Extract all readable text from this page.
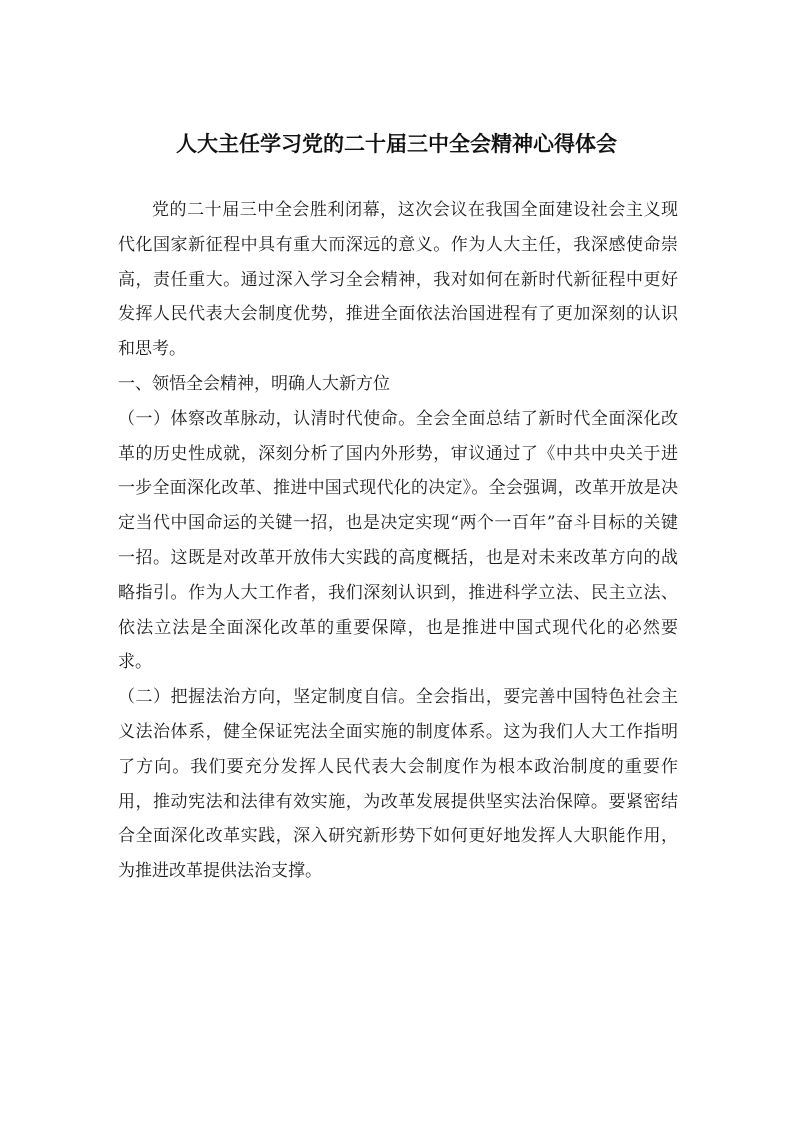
人大主任学习党的二十届三中全会精神心得体会

党的二十届三中全会胜利闭幕，这次会议在我国全面建设社会主义现代化国家新征程中具有重大而深远的意义。作为人大主任，我深感使命崇高，责任重大。通过深入学习全会精神，我对如何在新时代新征程中更好发挥人民代表大会制度优势，推进全面依法治国进程有了更加深刻的认识和思考。

一、领悟全会精神，明确人大新方位

（一）体察改革脉动，认清时代使命。全会全面总结了新时代全面深化改革的历史性成就，深刻分析了国内外形势，审议通过了《中共中央关于进一步全面深化改革、推进中国式现代化的决定》。全会强调，改革开放是决定当代中国命运的关键一招，也是决定实现“两个一百年”奋斗目标的关键一招。这既是对改革开放伟大实践的高度概括，也是对未来改革方向的战略指引。作为人大工作者，我们深刻认识到，推进科学立法、民主立法、依法立法是全面深化改革的重要保障，也是推进中国式现代化的必然要求。

（二）把握法治方向，坚定制度自信。全会指出，要完善中国特色社会主义法治体系，健全保证宪法全面实施的制度体系。这为我们人大工作指明了方向。我们要充分发挥人民代表大会制度作为根本政治制度的重要作用，推动宪法和法律有效实施，为改革发展提供坚实法治保障。要紧密结合全面深化改革实践，深入研究新形势下如何更好地发挥人大职能作用，为推进改革提供法治支撑。
